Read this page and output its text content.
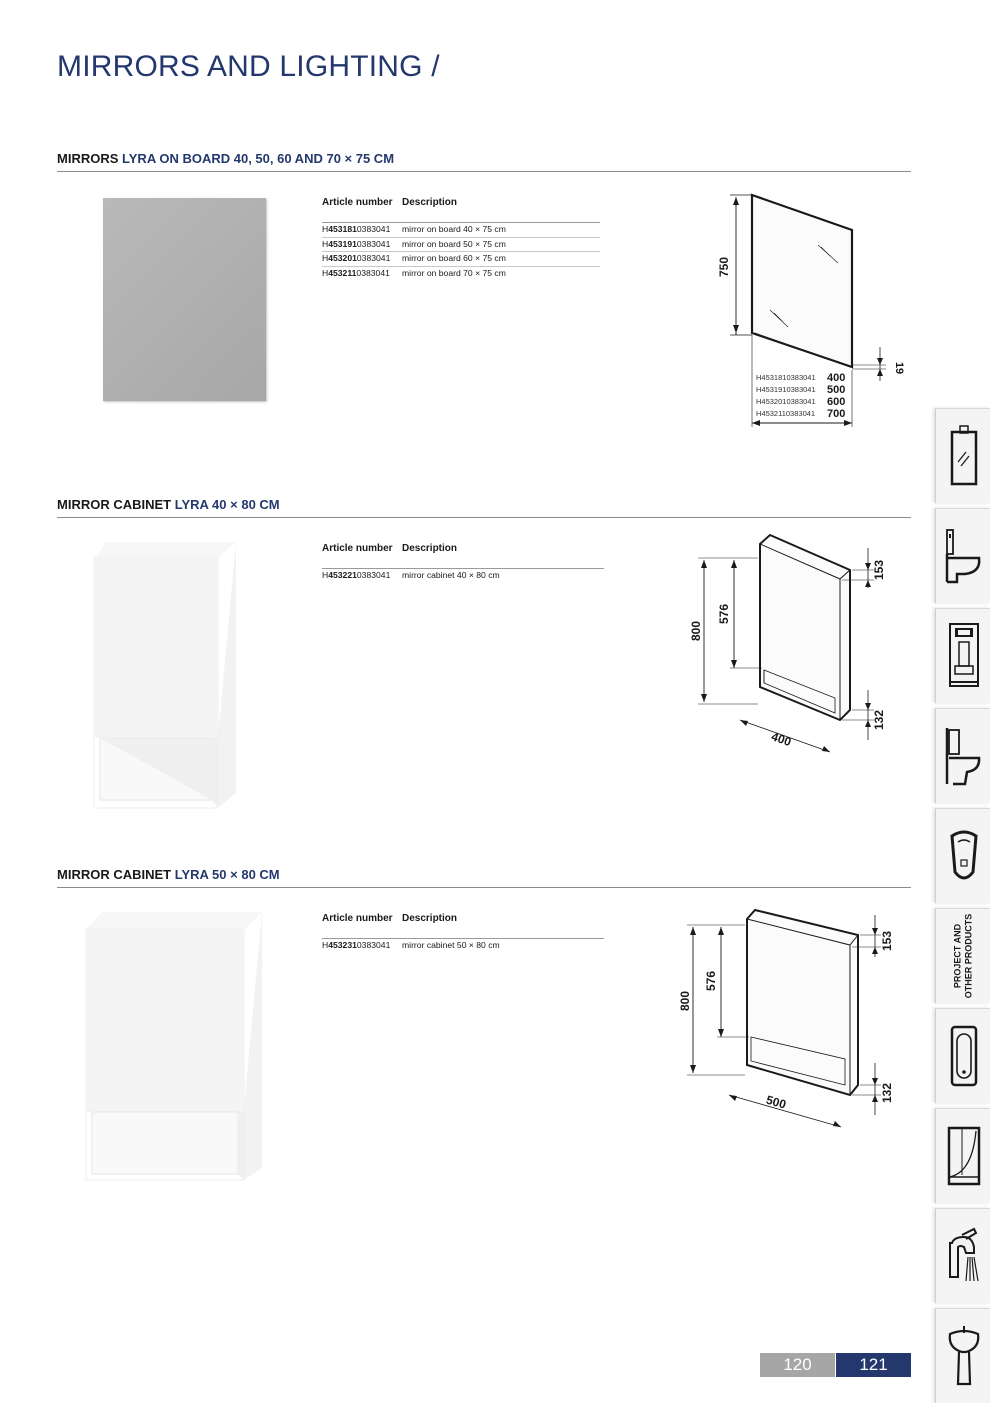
MIRRORS AND LIGHTING /
MIRRORS LYRA ON BOARD 40, 50, 60 AND 70 × 75 CM
Article number Description
H4531810383041	mirror on board 40 × 75 cm
H4531910383041	mirror on board 50 × 75 cm
H4532010383041	mirror on board 60 × 75 cm
H4532110383041	mirror on board 70 × 75 cm	750
19
H4531810383041 400
H4531910383041 500
H4532010383041 600
H4532110383041 700
MIRROR CABINET LYRA 40 × 80 CM
Article number Description
H4532210383041	mirror cabinet 40 × 80 cm
800
576
153
132
400
MIRROR CABINET LYRA 50 × 80 CM
Article number Description
H4532310383041	mirror cabinet 50 × 80 cm
800
576
153
132
500
PROJECT AND
OTHER PRODUCTS
120	121
